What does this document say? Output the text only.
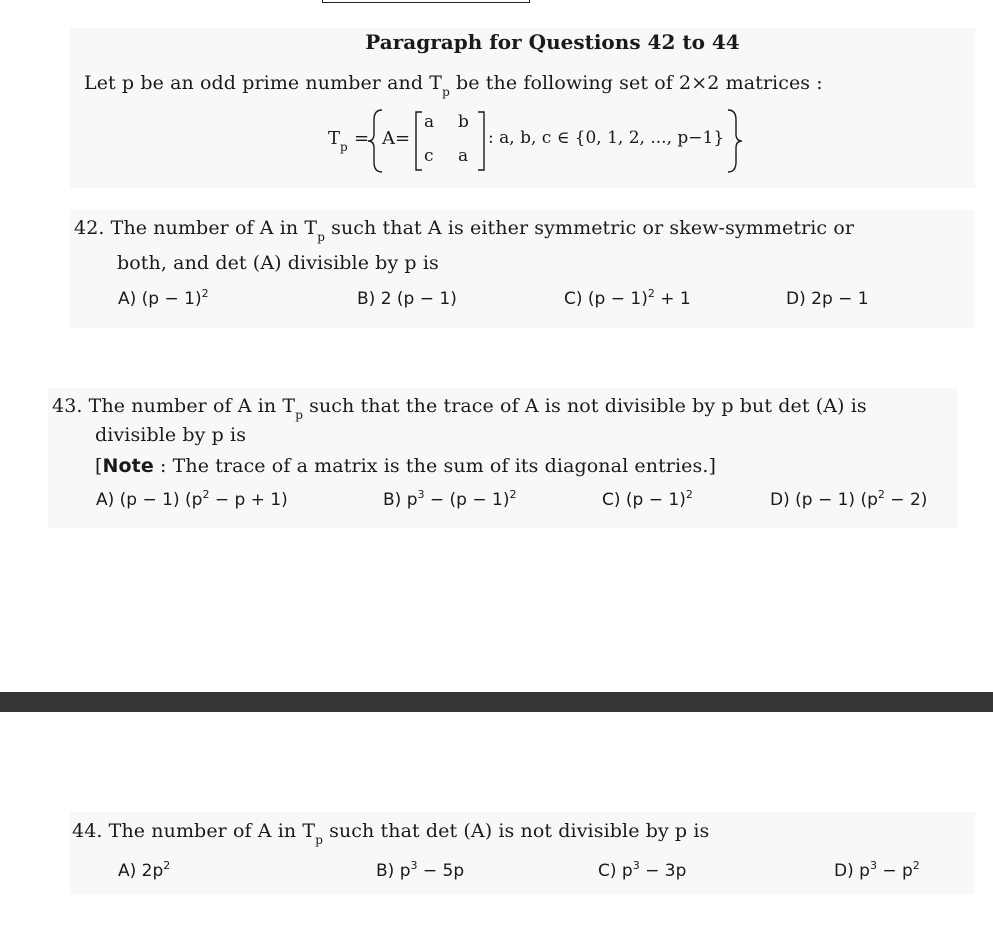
Paragraph for Questions 42 to 44
Let p be an odd prime number and $T_p$ be the following set of 2×2 matrices :
$T_p = A=$
a b
c a
: a, b, c ∈ {0, 1, 2, ..., p−1}
42. The number of A in $T_p$ such that A is either symmetric or skew-symmetric or
both, and det (A) divisible by p is
A) $(p - 1)^2$	B) 2 (p − 1)	C) $(p - 1)^2 + 1$	D) 2p − 1
43. The number of A in $T_p$ such that the trace of A is not divisible by p but det (A) is
divisible by p is
[Note : The trace of a matrix is the sum of its diagonal entries.]
A) (p − 1) $(p^2 - p + 1)$	B) $p^3 - (p - 1)^2$	C) $(p - 1)^2$	D) (p − 1) $(p^2 - 2)$
44. The number of A in $T_p$ such that det (A) is not divisible by p is
A) $2p^2$	B) $p^3 - 5p$	C) $p^3 - 3p$	D) $p^3 - p^2$
